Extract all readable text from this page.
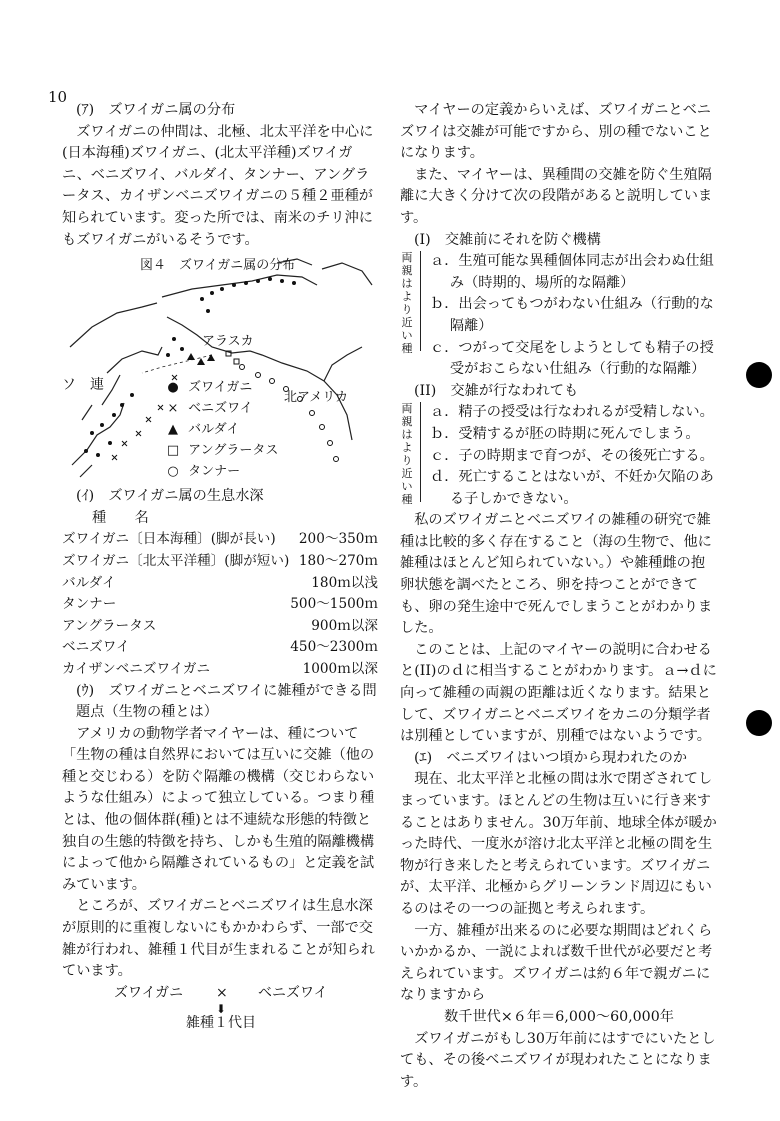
10

(ｱ)　ズワイガニ属の分布

ズワイガニの仲間は、北極、北太平洋を中心に(日本海種)ズワイガニ、(北太平洋種)ズワイガニ、ベニズワイ、バルダイ、タンナー、アングラータス、カイザンベニズワイガニの５種２亜種が知られています。変った所では、南米のチリ沖にもズワイガニがいるそうです。

図４　ズワイガニ属の分布
アラスカ
ソ　連
北アメリカ
● ズワイガニ
× ベニズワイ
▲ バルダイ
□ アングラータス
○ タンナー

(ｲ)　ズワイガニ属の生息水深

種　　名

ズワイガニ〔日本海種〕(脚が長い)	200～350ｍ
ズワイガニ〔北太平洋種〕(脚が短い)	180～270ｍ
バルダイ	180ｍ以浅
タンナー	500～1500ｍ
アングラータス	900ｍ以深
ベニズワイ	450～2300ｍ
カイザンベニズワイガニ	1000ｍ以深

(ｳ)　ズワイガニとベニズワイに雑種ができる問題点（生物の種とは）

アメリカの動物学者マイヤーは、種について「生物の種は自然界においては互いに交雑（他の種と交じわる）を防ぐ隔離の機構（交じわらないような仕組み）によって独立している。つまり種とは、他の個体群(種)とは不連続な形態的特徴と独自の生態的特徴を持ち、しかも生殖的隔離機構によって他から隔離されているもの」と定義を試みています。

ところが、ズワイガニとベニズワイは生息水深が原則的に重複しないにもかかわらず、一部で交雑が行われ、雑種１代目が生まれることが知られています。

ズワイガニ × ベニズワイ
⬇
雑種１代目

マイヤーの定義からいえば、ズワイガニとベニズワイは交雑が可能ですから、別の種でないことになります。

また、マイヤーは、異種間の交雑を防ぐ生殖隔離に大きく分けて次の段階があると説明しています。

(I)　交雑前にそれを防ぐ機構

両親はより近い種

ａ．生殖可能な異種個体同志が出会わぬ仕組み（時期的、場所的な隔離）

ｂ．出会ってもつがわない仕組み（行動的な隔離）

ｃ．つがって交尾をしようとしても精子の授受がおこらない仕組み（行動的な隔離）

(II)　交雑が行なわれても

両親はより近い種

ａ．精子の授受は行なわれるが受精しない。

ｂ．受精するが胚の時期に死んでしまう。

ｃ．子の時期まで育つが、その後死亡する。

ｄ．死亡することはないが、不妊か欠陥のある子しかできない。

私のズワイガニとベニズワイの雑種の研究で雑種は比較的多く存在すること（海の生物で、他に雑種はほとんど知られていない。）や雑種雌の抱卵状態を調べたところ、卵を持つことができても、卵の発生途中で死んでしまうことがわかりました。

このことは、上記のマイヤーの説明に合わせると(II)のｄに相当することがわかります。ａ→ｄに向って雑種の両親の距離は近くなります。結果として、ズワイガニとベニズワイをカニの分類学者は別種としていますが、別種ではないようです。

(ｴ)　ベニズワイはいつ頃から現われたのか

現在、北太平洋と北極の間は氷で閉ざされてしまっています。ほとんどの生物は互いに行き来することはありません。30万年前、地球全体が暖かった時代、一度氷が溶け北太平洋と北極の間を生物が行き来したと考えられています。ズワイガニが、太平洋、北極からグリーンランド周辺にもいるのはその一つの証拠と考えられます。

一方、雑種が出来るのに必要な期間はどれくらいかかるか、一説によれば数千世代が必要だと考えられています。ズワイガニは約６年で親ガニになりますから

数千世代×６年＝6,000～60,000年

ズワイガニがもし30万年前にはすでにいたとしても、その後ベニズワイが現われたことになります。
